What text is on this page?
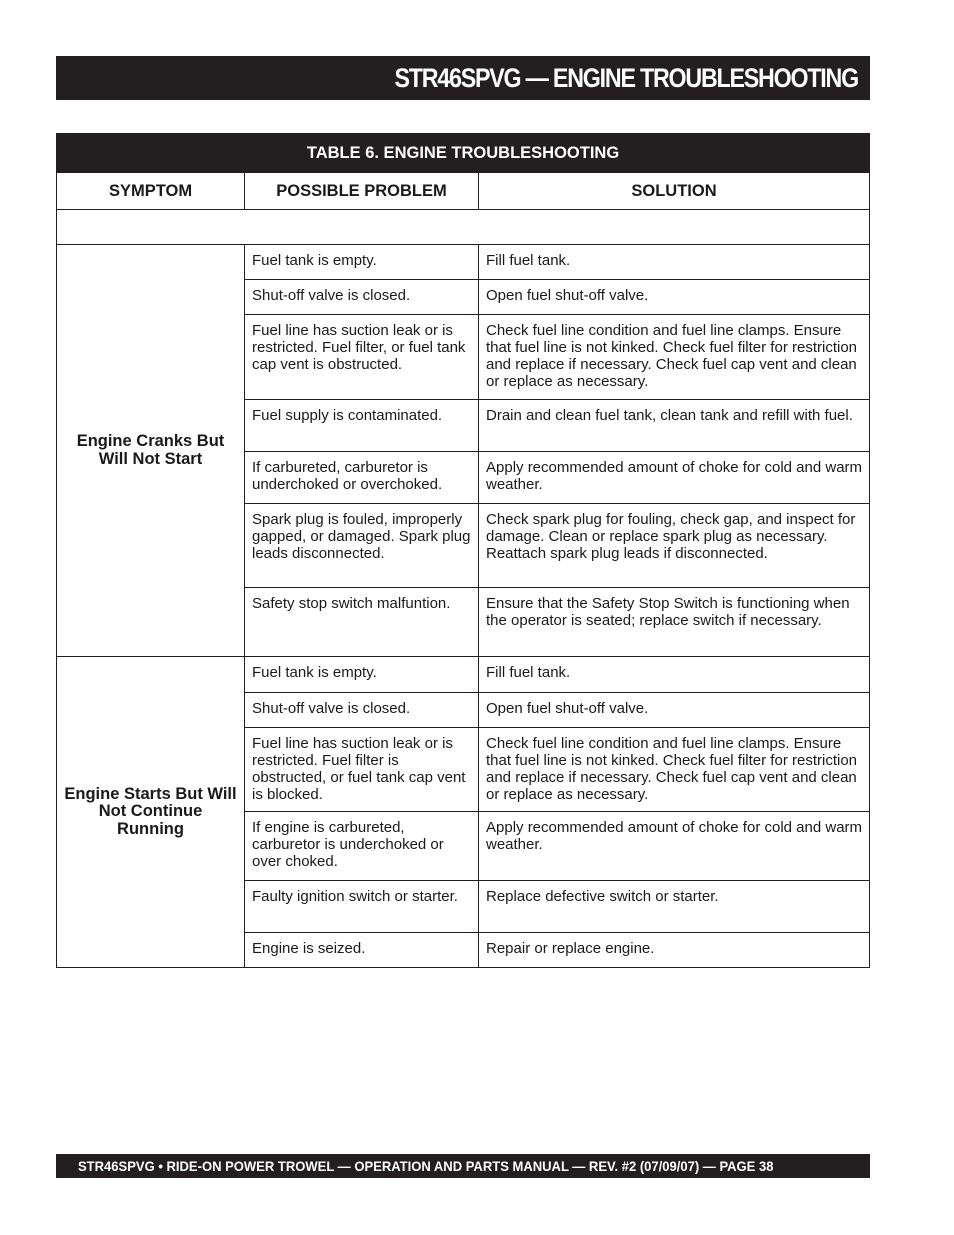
STR46SPVG — ENGINE TROUBLESHOOTING
TABLE 6. ENGINE TROUBLESHOOTING		
SYMPTOM	POSSIBLE PROBLEM	SOLUTION

Engine Cranks But Will Not Start	Fuel tank is empty.	Fill fuel tank.
	Shut-off valve is closed.	Open fuel shut-off valve.
	Fuel line has suction leak or is restricted. Fuel filter, or fuel tank cap vent is obstructed.	Check fuel line condition and fuel line clamps. Ensure that fuel line is not kinked. Check fuel filter for restriction and replace if necessary. Check fuel cap vent and clean or replace as necessary.
	Fuel supply is contaminated.	Drain and clean fuel tank, clean tank and refill with fuel.
	If carbureted, carburetor is underchoked or overchoked.	Apply recommended amount of choke for cold and warm weather.
	Spark plug is fouled, improperly gapped, or damaged. Spark plug leads disconnected.	Check spark plug for fouling, check gap, and inspect for damage. Clean or replace spark plug as necessary. Reattach spark plug leads if disconnected.
	Safety stop switch malfuntion.	Ensure that the Safety Stop Switch is functioning when the operator is seated; replace switch if necessary.
Engine Starts But Will Not Continue Running	Fuel tank is empty.	Fill fuel tank.
	Shut-off valve is closed.	Open fuel shut-off valve.
	Fuel line has suction leak or is restricted. Fuel filter is obstructed, or fuel tank cap vent is blocked.	Check fuel line condition and fuel line clamps. Ensure that fuel line is not kinked. Check fuel filter for restriction and replace if necessary. Check fuel cap vent and clean or replace as necessary.
	If engine is carbureted, carburetor is underchoked or over choked.	Apply recommended amount of choke for cold and warm weather.
	Faulty ignition switch or starter.	Replace defective switch or starter.
	Engine is seized.	Repair or replace engine.
STR46SPVG • RIDE-ON POWER TROWEL — OPERATION AND PARTS MANUAL — REV. #2 (07/09/07) — PAGE 38
